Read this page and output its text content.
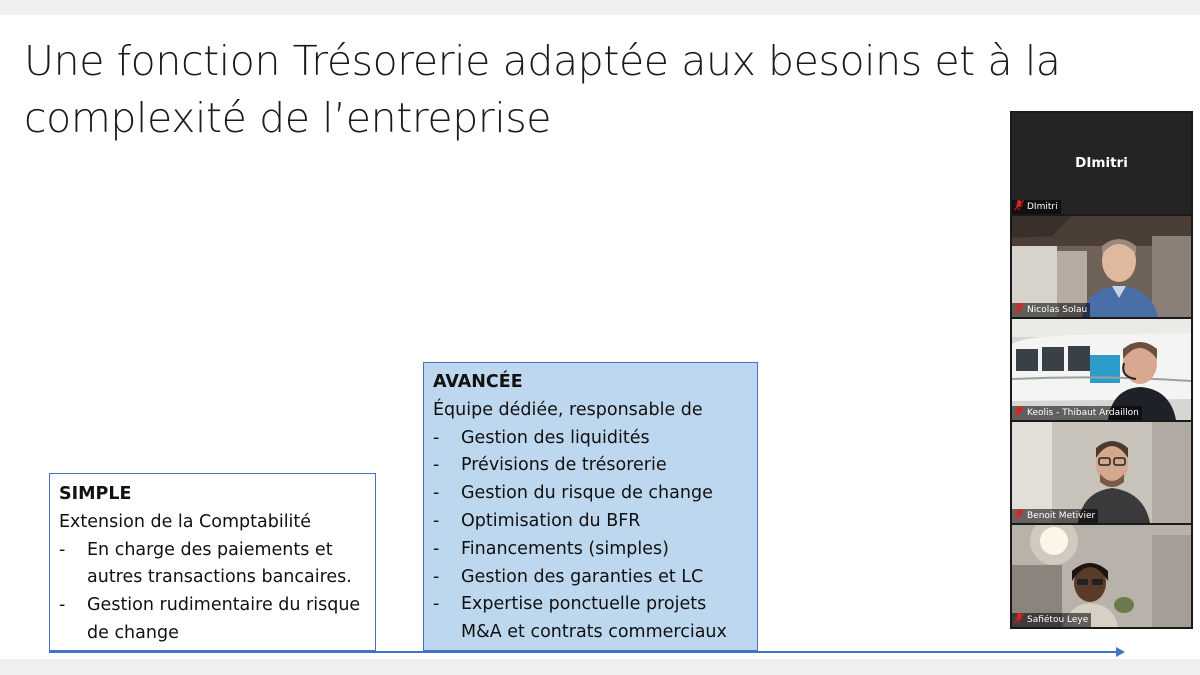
Une fonction Trésorerie adaptée aux besoins et à la complexité de l’entreprise
SIMPLE
Extension de la Comptabilité
- En charge des paiements et autres transactions bancaires.
- Gestion rudimentaire du risque de change
AVANCÉE
Équipe dédiée, responsable de
- Gestion des liquidités
- Prévisions de trésorerie
- Gestion du risque de change
- Optimisation du BFR
- Financements (simples)
- Gestion des garanties et LC
- Expertise ponctuelle projets M&A et contrats commerciaux
DImitri
DImitri
Nicolas Solau
Keolis - Thibaut Ardaillon
Benoit Metivier
Safiétou Leye
